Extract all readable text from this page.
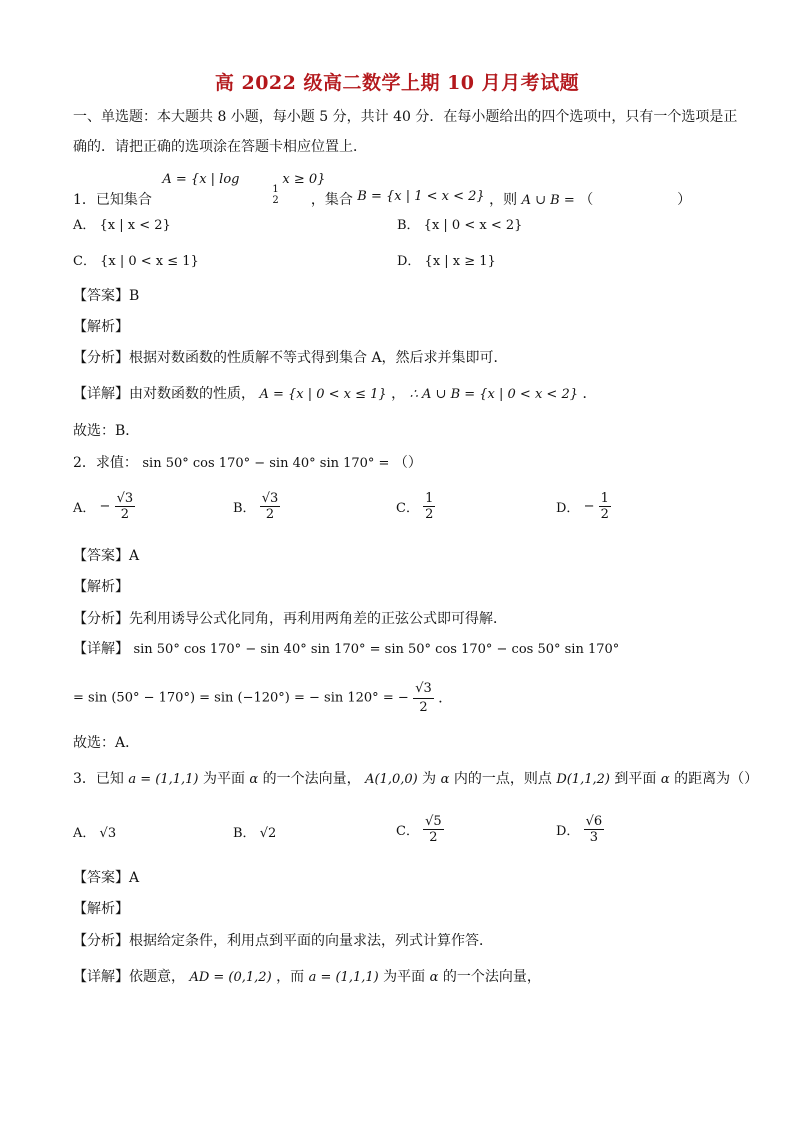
高 2022 级高二数学上期 10 月月考试题
一、单选题：本大题共 8 小题，每小题 5 分，共计 40 分．在每小题给出的四个选项中，只有一个选项是正
确的．请把正确的选项涂在答题卡相应位置上．
1．已知集合
A = {x | log
1
2
x ≥ 0}
，集合 B = {x | 1 < x < 2} ，则 A ∪ B = （　　　　　　）
A． {x | x < 2}	B． {x | 0 < x < 2}
C． {x | 0 < x ≤ 1}	D． {x | x ≥ 1}
【答案】B
【解析】
【分析】根据对数函数的性质解不等式得到集合 A，然后求并集即可．
【详解】由对数函数的性质， A = {x | 0 < x ≤ 1} ， ∴ A ∪ B = {x | 0 < x < 2} ．
故选：B．
2．求值： sin 50° cos 170° − sin 40° sin 170° = （）
A． − $\frac{√3}{2}$	B． $\frac{√3}{2}$	C． $\frac{1}{2}$	D． − $\frac{1}{2}$
【答案】A
【解析】
【分析】先利用诱导公式化同角，再利用两角差的正弦公式即可得解．
【详解】 sin 50° cos 170° − sin 40° sin 170° = sin 50° cos 170° − cos 50° sin 170°
= sin (50° − 170°) = sin (−120°) = − sin 120° = − $\frac{√3}{2}$ ．
故选：A．
3．已知 a = (1,1,1) 为平面 α 的一个法向量， A(1,0,0) 为 α 内的一点，则点 D(1,1,2) 到平面 α 的距离为（）
A． √3	B． √2	C． $\frac{√5}{2}$	D． $\frac{√6}{3}$
【答案】A
【解析】
【分析】根据给定条件，利用点到平面的向量求法，列式计算作答．
【详解】依题意， AD = (0,1,2) ，而 a = (1,1,1) 为平面 α 的一个法向量，
